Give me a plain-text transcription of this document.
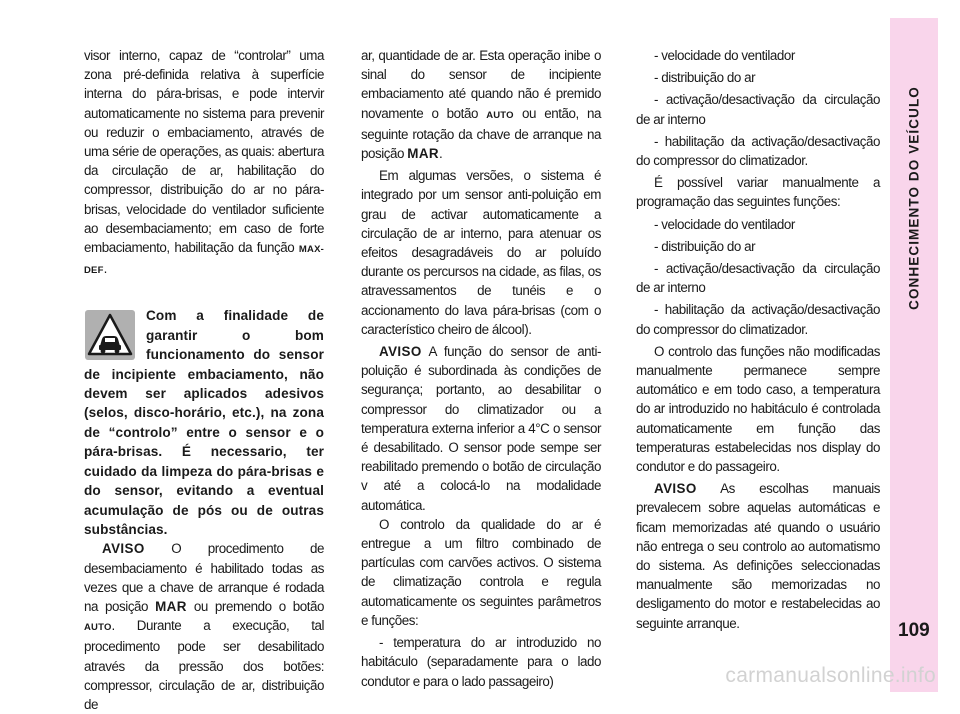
visor interno, capaz de “controlar” uma zona pré-definida relativa à superfície interna do pára-brisas, e pode intervir automaticamente no sistema para prevenir ou reduzir o embaciamento, através de uma série de operações, as quais: abertura da circulação de ar, habilitação do compressor, distribuição do ar no pára-brisas, velocidade do ventilador suficiente ao desembaciamento; em caso de forte embaciamento, habilitação da função MAX-DEF.

Com a finalidade de garantir o bom funcionamento do sensor de incipiente embaciamento, não devem ser aplicados adesivos (selos, disco-horário, etc.), na zona de “controlo” entre o sensor e o pára-brisas. É necessario, ter cuidado da limpeza do pára-brisas e do sensor, evitando a eventual acumulação de pós ou de outras substâncias.

AVISO O procedimento de desembaciamento é habilitado todas as vezes que a chave de arranque é rodada na posição MAR ou premendo o botão AUTO. Durante a execução, tal procedimento pode ser desabilitado através da pressão dos botões: compressor, circulação de ar, distribuição de

ar, quantidade de ar. Esta operação inibe o sinal do sensor de incipiente embaciamento até quando não é premido novamente o botão AUTO ou então, na seguinte rotação da chave de arranque na posição MAR.

Em algumas versões, o sistema é integrado por um sensor anti-poluição em grau de activar automaticamente a circulação de ar interno, para atenuar os efeitos desagradáveis do ar poluído durante os percursos na cidade, as filas, os atravessamentos de tunéis e o accionamento do lava pára-brisas (com o característico cheiro de álcool).

AVISO A função do sensor de anti-poluição é subordinada às condições de segurança; portanto, ao desabilitar o compressor do climatizador ou a temperatura externa inferior a 4°C o sensor é desabilitado. O sensor pode sempe ser reabilitado premendo o botão de circulação v até a colocá-lo na modalidade automática.

O controlo da qualidade do ar é entregue a um filtro combinado de partículas com carvões activos. O sistema de climatização controla e regula automaticamente os seguintes parâmetros e funções:

- temperatura do ar introduzido no habitáculo (separadamente para o lado condutor e para o lado passageiro)

- velocidade do ventilador

- distribuição do ar

- activação/desactivação da circulação de ar interno

- habilitação da activação/desactivação do compressor do climatizador.

É possível variar manualmente a programação das seguintes funções:

- velocidade do ventilador

- distribuição do ar

- activação/desactivação da circulação de ar interno

- habilitação da activação/desactivação do compressor do climatizador.

O controlo das funções não modificadas manualmente permanece sempre automático e em todo caso, a temperatura do ar introduzido no habitáculo é controlada automaticamente em função das temperaturas estabelecidas nos display do condutor e do passageiro.

AVISO As escolhas manuais prevalecem sobre aquelas automáticas e ficam memorizadas até quando o usuário não entrega o seu controlo ao automatismo do sistema. As definições seleccionadas manualmente são memorizadas no desligamento do motor e restabelecidas ao seguinte arranque.

CONHECIMENTO DO VEÍCULO
109
carmanualsonline.info
